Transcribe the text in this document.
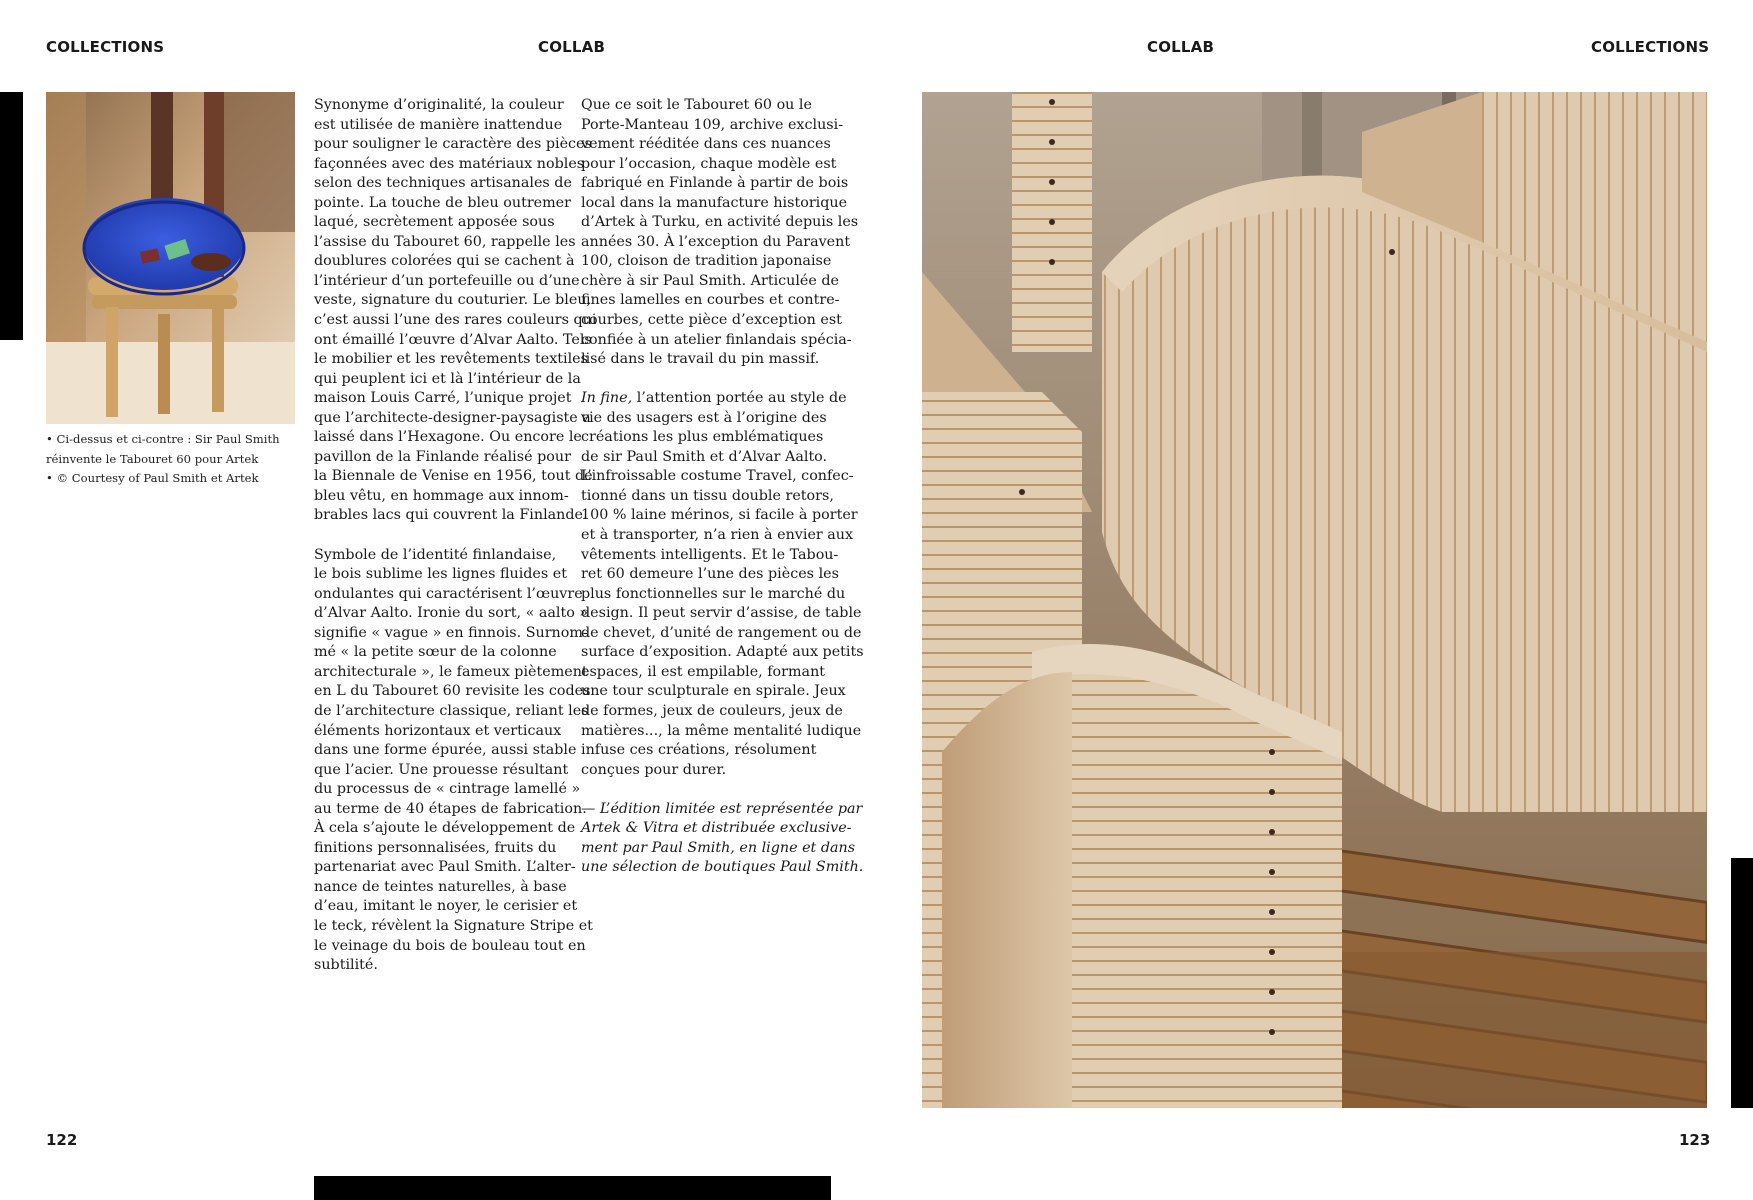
COLLECTIONS	COLLAB	COLLAB	COLLECTIONS
• Ci-dessus et ci-contre : Sir Paul Smith
réinvente le Tabouret 60 pour Artek
• © Courtesy of Paul Smith et Artek

Synonyme d’originalité, la couleur
est utilisée de manière inattendue
pour souligner le caractère des pièces
façonnées avec des matériaux nobles
selon des techniques artisanales de
pointe. La touche de bleu outremer
laqué, secrètement apposée sous
l’assise du Tabouret 60, rappelle les
doublures colorées qui se cachent à
l’intérieur d’un portefeuille ou d’une
veste, signature du couturier. Le bleu,
c’est aussi l’une des rares couleurs qui
ont émaillé l’œuvre d’Alvar Aalto. Tels
le mobilier et les revêtements textiles
qui peuplent ici et là l’intérieur de la
maison Louis Carré, l’unique projet
que l’architecte-designer-paysagiste a
laissé dans l’Hexagone. Ou encore le
pavillon de la Finlande réalisé pour
la Biennale de Venise en 1956, tout de
bleu vêtu, en hommage aux innom-
brables lacs qui couvrent la Finlande.

Symbole de l’identité finlandaise,
le bois sublime les lignes fluides et
ondulantes qui caractérisent l’œuvre
d’Alvar Aalto. Ironie du sort, « aalto »
signifie « vague » en finnois. Surnom-
mé « la petite sœur de la colonne
architecturale », le fameux piètement
en L du Tabouret 60 revisite les codes
de l’architecture classique, reliant les
éléments horizontaux et verticaux
dans une forme épurée, aussi stable
que l’acier. Une prouesse résultant
du processus de « cintrage lamellé »
au terme de 40 étapes de fabrication.
À cela s’ajoute le développement de
finitions personnalisées, fruits du
partenariat avec Paul Smith. L’alter-
nance de teintes naturelles, à base
d’eau, imitant le noyer, le cerisier et
le teck, révèlent la Signature Stripe et
le veinage du bois de bouleau tout en
subtilité.

Que ce soit le Tabouret 60 ou le
Porte-Manteau 109, archive exclusi-
vement rééditée dans ces nuances
pour l’occasion, chaque modèle est
fabriqué en Finlande à partir de bois
local dans la manufacture historique
d’Artek à Turku, en activité depuis les
années 30. À l’exception du Paravent
100, cloison de tradition japonaise
chère à sir Paul Smith. Articulée de
fines lamelles en courbes et contre-
courbes, cette pièce d’exception est
confiée à un atelier finlandais spécia-
lisé dans le travail du pin massif.

In fine, l’attention portée au style de
vie des usagers est à l’origine des
créations les plus emblématiques
de sir Paul Smith et d’Alvar Aalto.
L’infroissable costume Travel, confec-
tionné dans un tissu double retors,
100 % laine mérinos, si facile à porter
et à transporter, n’a rien à envier aux
vêtements intelligents. Et le Tabou-
ret 60 demeure l’une des pièces les
plus fonctionnelles sur le marché du
design. Il peut servir d’assise, de table
de chevet, d’unité de rangement ou de
surface d’exposition. Adapté aux petits
espaces, il est empilable, formant
une tour sculpturale en spirale. Jeux
de formes, jeux de couleurs, jeux de
matières..., la même mentalité ludique
infuse ces créations, résolument
conçues pour durer.

— L’édition limitée est représentée par
Artek & Vitra et distribuée exclusive-
ment par Paul Smith, en ligne et dans
une sélection de boutiques Paul Smith.

122	123
